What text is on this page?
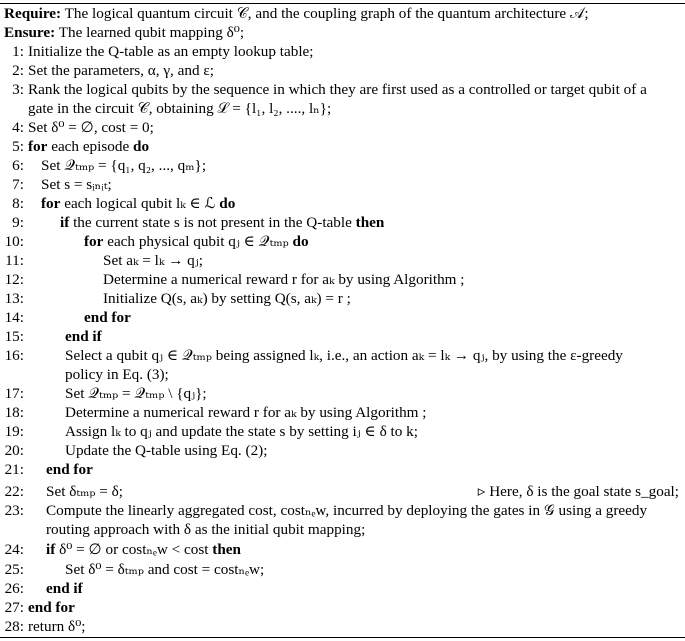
Require: The logical quantum circuit 𝒞, and the coupling graph of the quantum architecture 𝒜;
Ensure: The learned qubit mapping δ⁰;
1: Initialize the Q-table as an empty lookup table;
2: Set the parameters, α, γ, and ε;
3: Rank the logical qubits by the sequence in which they are first used as a controlled or target qubit of a
gate in the circuit 𝒞, obtaining ℒ = {l₁, l₂, ...., lₙ};
4: Set δ⁰ = ∅, cost = 0;
5: for each episode do
6: Set 𝒬ₜₘₚ = {q₁, q₂, ..., qₘ};
7: Set s = sᵢₙᵢₜ;
8: for each logical qubit lₖ ∈ ℒ do
9: if the current state s is not present in the Q-table then
10:	for each physical qubit qⱼ ∈ 𝒬ₜₘₚ do
11:	Set aₖ = lₖ → qⱼ;
12:	Determine a numerical reward r for aₖ by using Algorithm ;
13:	Initialize Q(s, aₖ) by setting Q(s, aₖ) = r ;
14:	end for
15:	end if
16:	Select a qubit qⱼ ∈ 𝒬ₜₘₚ being assigned lₖ, i.e., an action aₖ = lₖ → qⱼ, by using the ε-greedy
policy in Eq. (3);
17:	Set 𝒬ₜₘₚ = 𝒬ₜₘₚ \ {qⱼ};
18:	Determine a numerical reward r for aₖ by using Algorithm ;
19:	Assign lₖ to qⱼ and update the state s by setting iⱼ ∈ δ to k;
20:	Update the Q-table using Eq. (2);
21: end for
22: Set δₜₘₚ = δ;	▹ Here, δ is the goal state s_goal;
23: Compute the linearly aggregated cost, costₙₑw, incurred by deploying the gates in 𝒢 using a greedy
routing approach with δ as the initial qubit mapping;
24: if δ⁰ = ∅ or costₙₑw < cost then
25:	Set δ⁰ = δₜₘₚ and cost = costₙₑw;
26: end if
27: end for
28: return δ⁰;
